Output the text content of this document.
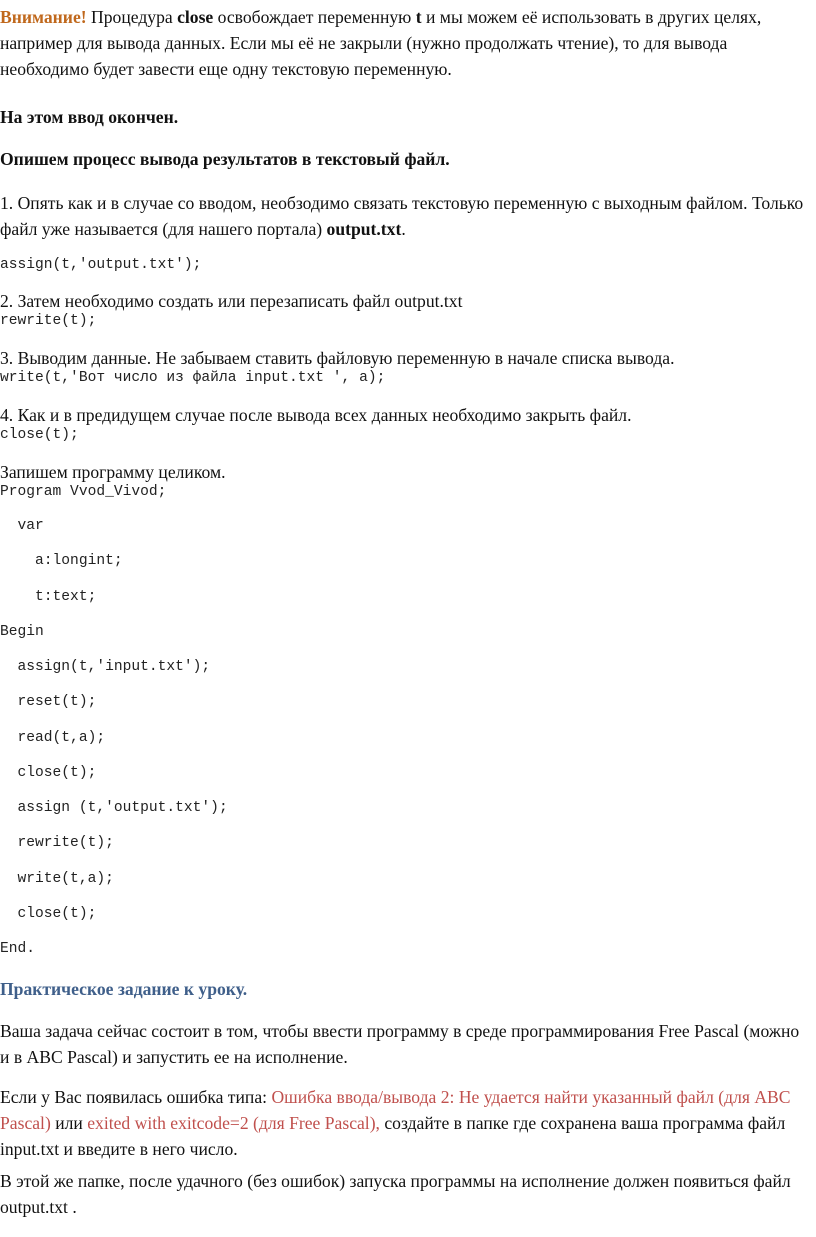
Внимание! Процедура close освобождает переменную t и мы можем её использовать в других целях, например для вывода данных. Если мы её не закрыли (нужно продолжать чтение), то для вывода необходимо будет завести еще одну текстовую переменную.

На этом ввод окончен.

Опишем процесс вывода результатов в текстовый файл.

1. Опять как и в случае со вводом, необзодимо связать текстовую переменную с выходным файлом. Только файл уже называется (для нашего портала) output.txt.

assign(t,'output.txt');

2. Затем необходимо создать или перезаписать файл output.txt

rewrite(t);

3. Выводим данные. Не забываем ставить файловую переменную в начале списка вывода.

write(t,'Вот число из файла input.txt ', a);

4. Как и в предидущем случае после вывода всех данных необходимо закрыть файл.

close(t);

Запишем программу целиком.

Program Vvod_Vivod;
var
a:longint;
t:text;
Begin
assign(t,'input.txt');
reset(t);
read(t,a);
close(t);
assign (t,'output.txt');
rewrite(t);
write(t,a);
close(t);
End.

Практическое задание к уроку.

Ваша задача сейчас состоит в том, чтобы ввести программу в среде программирования Free Pascal (можно и в ABC Pascal) и запустить ее на исполнение.

Если у Вас появилась ошибка типа: Ошибка ввода/вывода 2: Не удается найти указанный файл (для ABC Pascal) или exited with exitcode=2 (для Free Pascal), создайте в папке где сохранена ваша программа файл input.txt и введите в него число.

В этой же папке, после удачного (без ошибок) запуска программы на исполнение должен появиться файл output.txt .
